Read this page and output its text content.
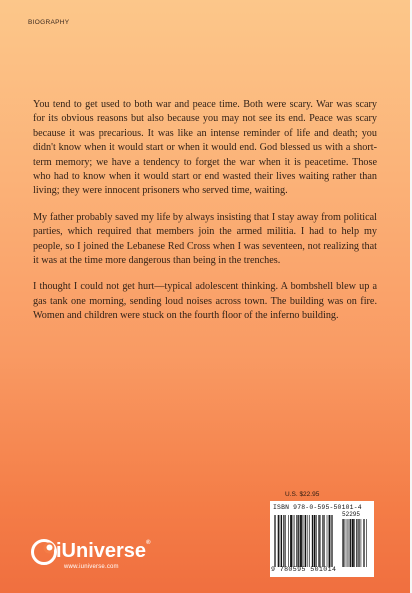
BIOGRAPHY

You tend to get used to both war and peace time. Both were scary. War was scary for its obvious reasons but also because you may not see its end. Peace was scary because it was precarious. It was like an intense reminder of life and death; you didn't know when it would start or when it would end. God blessed us with a short-term memory; we have a tendency to forget the war when it is peacetime. Those who had to know when it would start or end wasted their lives waiting rather than living; they were innocent prisoners who served time, waiting.

My father probably saved my life by always insisting that I stay away from political parties, which required that members join the armed militia. I had to help my people, so I joined the Lebanese Red Cross when I was seventeen, not realizing that it was at the time more dangerous than being in the trenches.

I thought I could not get hurt—typical adolescent thinking. A bombshell blew up a gas tank one morning, sending loud noises across town. The building was on fire. Women and children were stuck on the fourth floor of the inferno building.

U.S. $22.95
ISBN 978-0-595-50101-4
52295
9 780595 501014
iUniverse®
www.iuniverse.com
